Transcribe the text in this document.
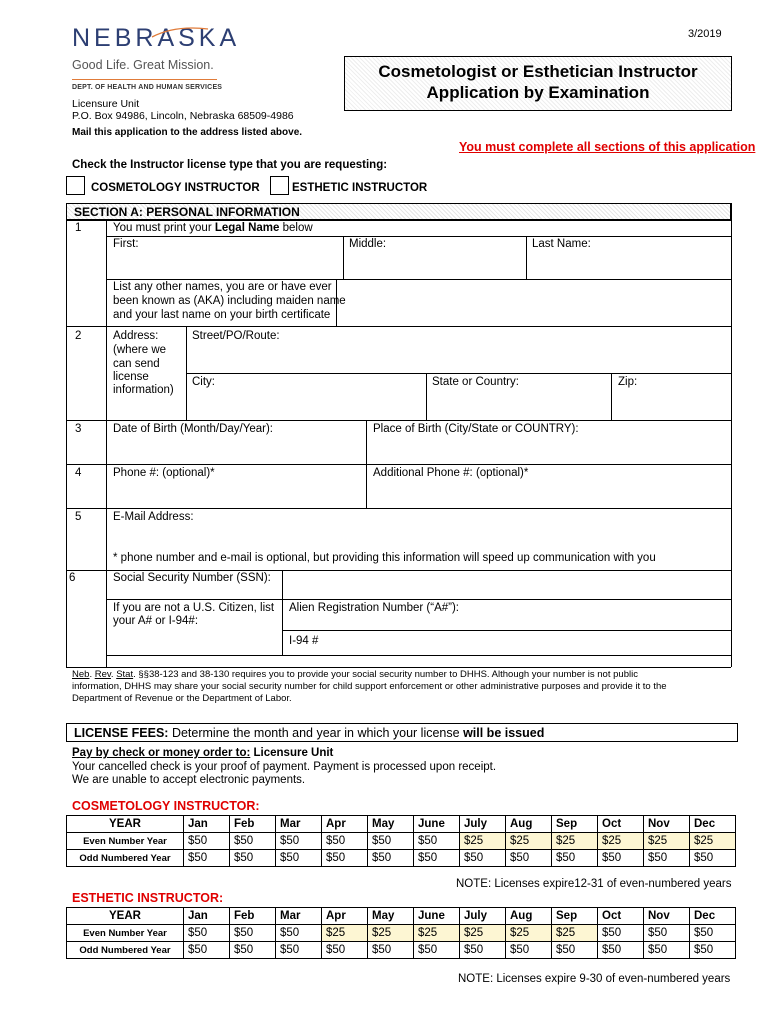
NEBRASKA
Good Life. Great Mission.
DEPT. OF HEALTH AND HUMAN SERVICES
Licensure Unit
P.O. Box 94986, Lincoln, Nebraska 68509-4986
Mail this application to the address listed above.
3/2019
Cosmetologist or Esthetician Instructor
Application by Examination
You must complete all sections of this application
Check the Instructor license type that you are requesting:
COSMETOLOGY INSTRUCTOR	ESTHETIC INSTRUCTOR
SECTION A: PERSONAL INFORMATION
1	You must print your Legal Name below
First:	Middle:	Last Name:
List any other names, you are or have ever
been known as (AKA) including maiden name
and your last name on your birth certificate
2	Address:
(where we
can send
license
information)
Street/PO/Route:
City:	State or Country:	Zip:
3	Date of Birth (Month/Day/Year):	Place of Birth (City/State or COUNTRY):
4	Phone #: (optional)*	Additional Phone #: (optional)*
5	E-Mail Address:
* phone number and e-mail is optional, but providing this information will speed up communication with you
6	Social Security Number (SSN):
If you are not a U.S. Citizen, list
your A# or I-94#:
Alien Registration Number (“A#”):
I-94 #
Neb. Rev. Stat. §§38-123 and 38-130 requires you to provide your social security number to DHHS. Although your number is not public
information, DHHS may share your social security number for child support enforcement or other administrative purposes and provide it to the
Department of Revenue or the Department of Labor.
LICENSE FEES: Determine the month and year in which your license will be issued
Pay by check or money order to: Licensure Unit
Your cancelled check is your proof of payment. Payment is processed upon receipt.
We are unable to accept electronic payments.
COSMETOLOGY INSTRUCTOR:
YEAR	Jan	Feb	Mar	Apr	May	June	July	Aug	Sep	Oct	Nov	Dec
Even Number Year	$50	$50	$50	$50	$50	$50	$25	$25	$25	$25	$25	$25
Odd Numbered Year	$50	$50	$50	$50	$50	$50	$50	$50	$50	$50	$50	$50
NOTE: Licenses expire12-31 of even-numbered years
ESTHETIC INSTRUCTOR:
YEAR	Jan	Feb	Mar	Apr	May	June	July	Aug	Sep	Oct	Nov	Dec
Even Number Year	$50	$50	$50	$25	$25	$25	$25	$25	$25	$50	$50	$50
Odd Numbered Year	$50	$50	$50	$50	$50	$50	$50	$50	$50	$50	$50	$50
NOTE: Licenses expire 9-30 of even-numbered years
